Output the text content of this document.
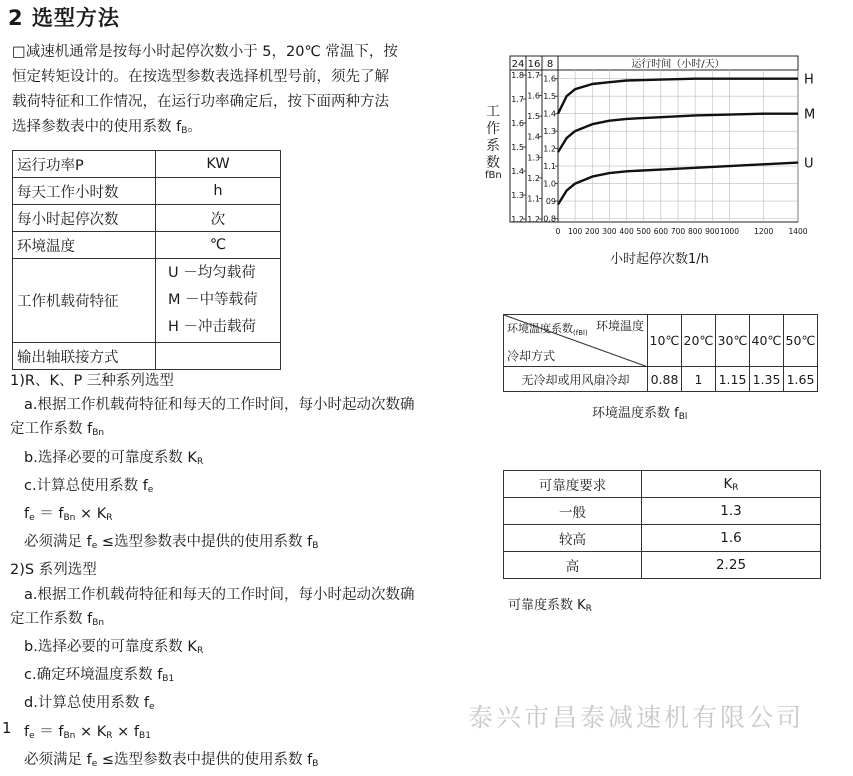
2 选型方法
□减速机通常是按每小时起停次数小于 5，20℃ 常温下，按
恒定转矩设计的。在按选型参数表选择机型号前，须先了解
载荷特征和工作情况，在运行功率确定后，按下面两种方法
选择参数表中的使用系数 $f_B$。
运行功率P	KW
每天工作小时数	h
每小时起停次数	次
环境温度	℃
工作机载荷特征	U －均匀载荷
M －中等载荷
H －冲击载荷

输出轴联接方式	
1)R、K、P 三种系列选型
a.根据工作机载荷特征和每天的工作时间，每小时起动次数确
定工作系数 $f_{Bn}$
b.选择必要的可靠度系数 $K_R$
c.计算总使用系数 $f_e$
$f_e = f_{Bn} \times K_R$
必须满足 $f_e$ ≤选型参数表中提供的使用系数 $f_B$
2)S 系列选型
a.根据工作机载荷特征和每天的工作时间，每小时起动次数确
定工作系数 $f_{Bn}$
b.选择必要的可靠度系数 $K_R$
c.确定环境温度系数 $f_{B1}$
d.计算总使用系数 $f_e$
$f_e = f_{Bn} \times K_R \times f_{B1}$
必须满足 $f_e$ ≤选型参数表中提供的使用系数 $f_B$
1	泰兴市昌泰减速机有限公司
工作系数
fBn
24 16 8	运行时间（小时/天）
1.6
1.5
1.4
1.3
1.2
1.1
1.0
09
0.8
1.7
1.6
1.5
1.4
1.3
1.2
1.1
1.2
1.8
1.7
1.6
1.5
1.4
1.3
1.2
0 100 200 300 400 500 600 700 800 900 1000 1200 1400
H
M
U
小时起停次数1/h
环境温度
环境温度系数$_{(fBl)}$
冷却方式	10℃	20℃	30℃	40℃	50℃
无冷却或用风扇冷却	0.88	1	1.15	1.35	1.65
环境温度系数 $f_{Bl}$
可靠度要求	$K_R$
一般	1.3
较高	1.6
高	2.25
可靠度系数 $K_R$
